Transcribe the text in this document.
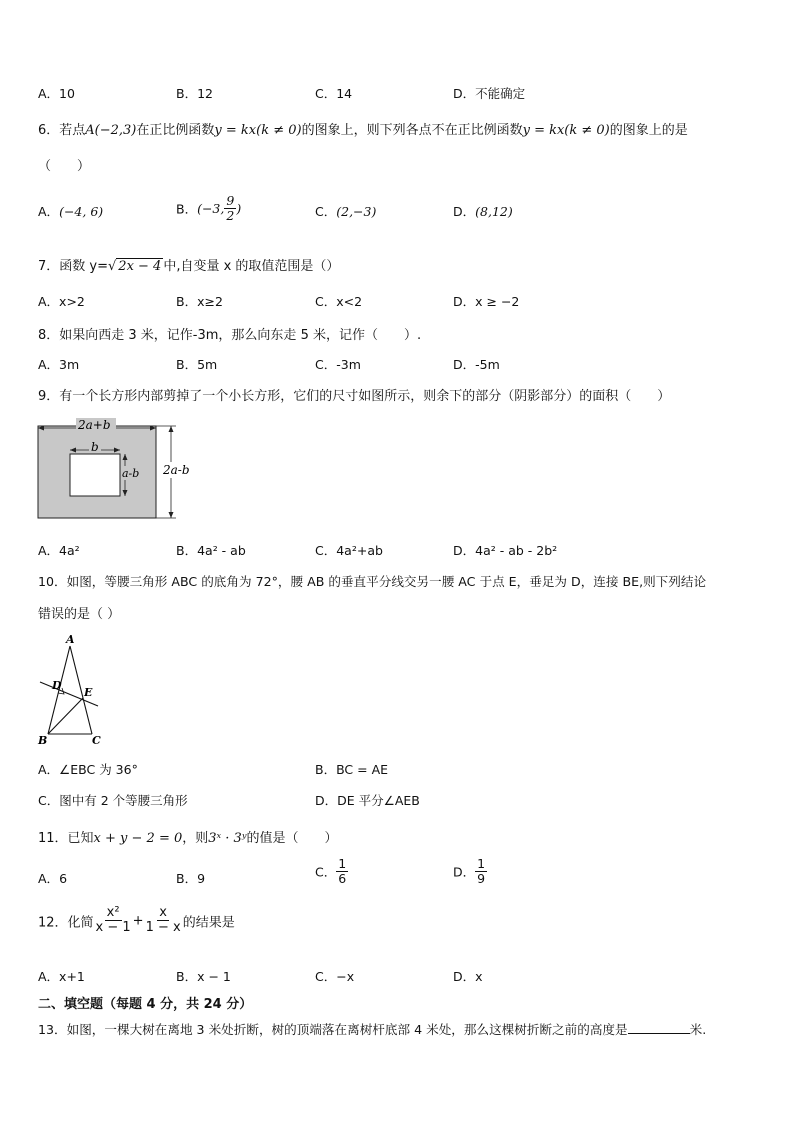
A．10	B．12	C．14	D．不能确定
6．若点A(−2,3)在正比例函数y = kx(k ≠ 0)的图象上，则下列各点不在正比例函数y = kx(k ≠ 0)的图象上的是
（　　）
A．(−4, 6)	B．(−3, $\frac{9}{2}$ )	C．(2,−3)	D．(8,12)
7．函数 y=√ 2x − 4 中,自变量 x 的取值范围是（）
A．x>2	B．x≥2	C．x<2	D．x ≥ −2
8．如果向西走 3 米，记作-3m，那么向东走 5 米，记作（　　）.
A．3m	B．5m	C．-3m	D．-5m
9．有一个长方形内部剪掉了一个小长方形，它们的尺寸如图所示，则余下的部分（阴影部分）的面积（　　）
2a+b
b
a-b 2a-b
A．4a²	B．4a² - ab	C．4a²+ab	D．4a² - ab - 2b²
10．如图，等腰三角形 ABC 的底角为 72°，腰 AB 的垂直平分线交另一腰 AC 于点 E，垂足为 D，连接 BE,则下列结论
错误的是（ ）
A
D
E
B	C
A．∠EBC 为 36°	B．BC = AE
C．图中有 2 个等腰三角形	D．DE 平分∠AEB
11．已知x + y − 2 = 0，则3ˣ · 3ʸ的值是（　　）
A．6	B．9	C． $\frac{1}{6}$	D． $\frac{1}{9}$
12．化简 $\frac{\text{x²}}{x - 1} + \frac{x}{1 - x}$ 的结果是
A．x+1	B．x − 1	C．−x	D．x
二、填空题（每题 4 分，共 24 分）
13．如图，一棵大树在离地 3 米处折断，树的顶端落在离树杆底部 4 米处，那么这棵树折断之前的高度是	米.
